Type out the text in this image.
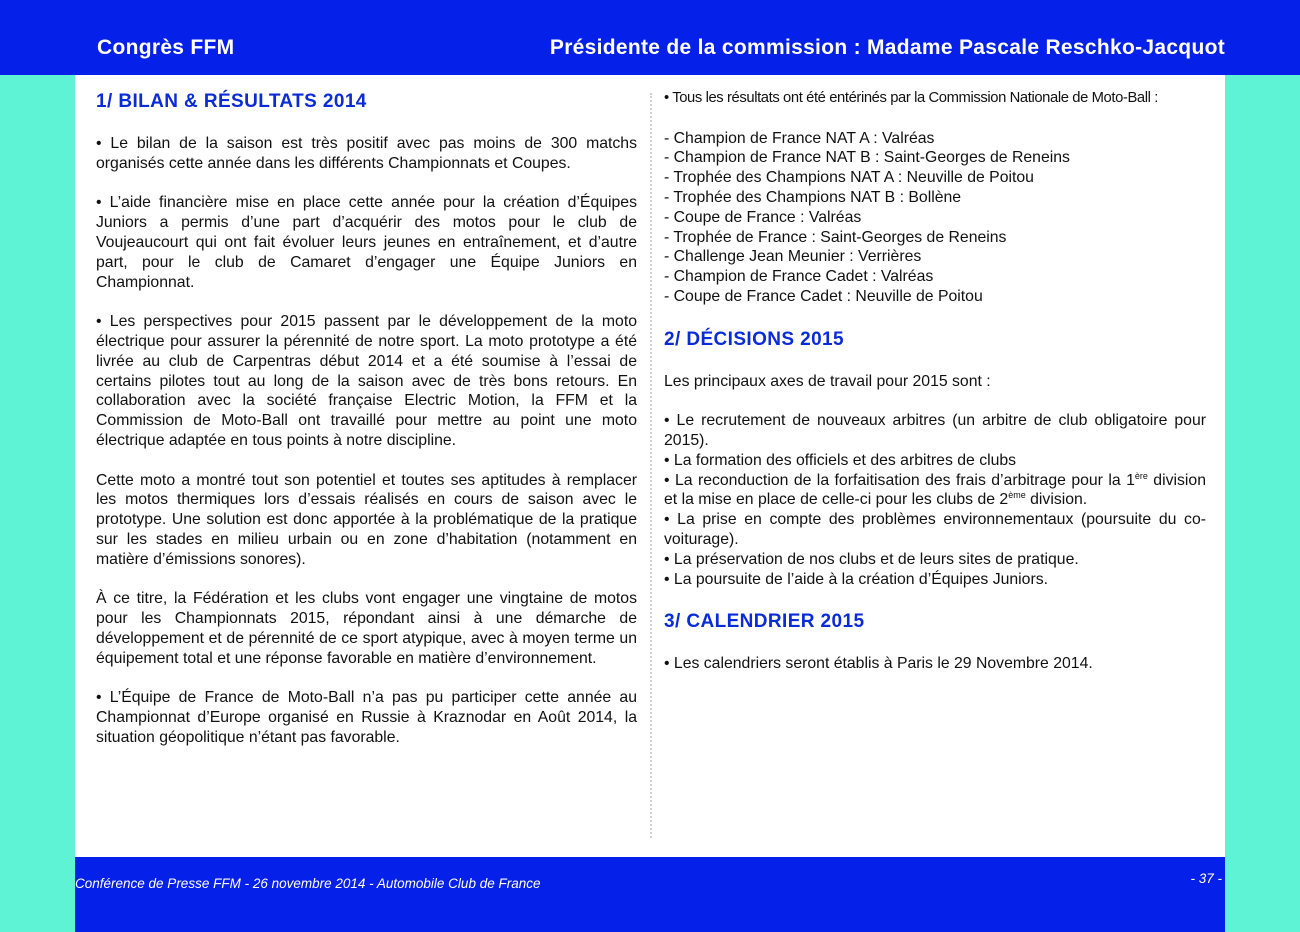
Congrès FFM	Présidente de la commission : Madame Pascale Reschko-Jacquot
1/ BILAN & RÉSULTATS 2014

• Le bilan de la saison est très positif avec pas moins de 300 matchs organisés cette année dans les différents Championnats et Coupes.

• L’aide financière mise en place cette année pour la création d’Équipes Juniors a permis d’une part d’acquérir des motos pour le club de Voujeaucourt qui ont fait évoluer leurs jeunes en entraînement, et d’autre part, pour le club de Camaret d’engager une Équipe Juniors en Championnat.

• Les perspectives pour 2015 passent par le développement de la moto électrique pour assurer la pérennité de notre sport. La moto prototype a été livrée au club de Carpentras début 2014 et a été soumise à l’essai de certains pilotes tout au long de la saison avec de très bons retours. En collaboration avec la société française Electric Motion, la FFM et la Commission de Moto-Ball ont travaillé pour mettre au point une moto électrique adaptée en tous points à notre discipline.

Cette moto a montré tout son potentiel et toutes ses aptitudes à remplacer les motos thermiques lors d’essais réalisés en cours de saison avec le prototype. Une solution est donc apportée à la problématique de la pratique sur les stades en milieu urbain ou en zone d’habitation (notamment en matière d’émissions sonores).

À ce titre, la Fédération et les clubs vont engager une vingtaine de motos pour les Championnats 2015, répondant ainsi à une démarche de développement et de pérennité de ce sport atypique, avec à moyen terme un équipement total et une réponse favorable en matière d’environnement.

• L’Équipe de France de Moto-Ball n’a pas pu participer cette année au Championnat d’Europe organisé en Russie à Kraznodar en Août 2014, la situation géopolitique n’étant pas favorable.

• Tous les résultats ont été entérinés par la Commission Nationale de Moto-Ball :

- Champion de France NAT A : Valréas
- Champion de France NAT B : Saint-Georges de Reneins
- Trophée des Champions NAT A : Neuville de Poitou
- Trophée des Champions NAT B : Bollène
- Coupe de France : Valréas
- Trophée de France : Saint-Georges de Reneins
- Challenge Jean Meunier : Verrières
- Champion de France Cadet : Valréas
- Coupe de France Cadet : Neuville de Poitou
2/ DÉCISIONS 2015

Les principaux axes de travail pour 2015 sont :

• Le recrutement de nouveaux arbitres (un arbitre de club obligatoire pour 2015).
• La formation des officiels et des arbitres de clubs
• La reconduction de la forfaitisation des frais d’arbitrage pour la 1ère division et la mise en place de celle-ci pour les clubs de 2ème division.
• La prise en compte des problèmes environnementaux (poursuite du co-voiturage).
• La préservation de nos clubs et de leurs sites de pratique.
• La poursuite de l’aide à la création d’Équipes Juniors.
3/ CALENDRIER 2015

• Les calendriers seront établis à Paris le 29 Novembre 2014.

Conférence de Presse FFM - 26 novembre 2014 - Automobile Club de France	- 37 -
